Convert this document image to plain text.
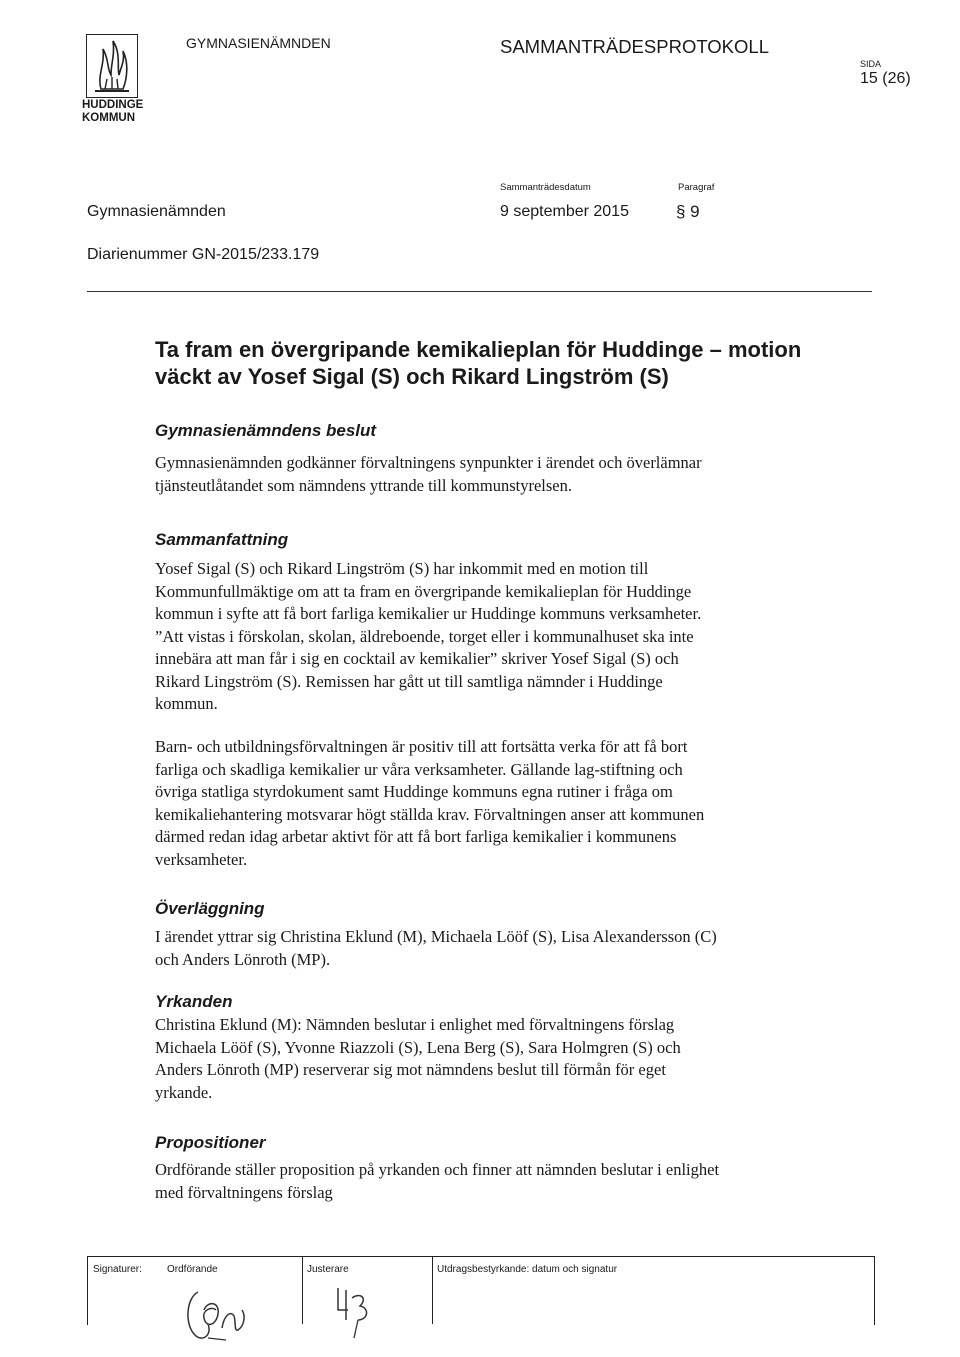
HUDDINGE
KOMMUN
GYMNASIENÄMNDEN	SAMMANTRÄDESPROTOKOLL
SIDA
15 (26)
Sammanträdesdatum	Paragraf
Gymnasienämnden	9 september 2015	§ 9
Diarienummer GN-2015/233.179
Ta fram en övergripande kemikalieplan för Huddinge – motion
väckt av Yosef Sigal (S) och Rikard Lingström (S)
Gymnasienämndens beslut
Gymnasienämnden godkänner förvaltningens synpunkter i ärendet och överlämnar
tjänsteutlåtandet som nämndens yttrande till kommunstyrelsen.
Sammanfattning
Yosef Sigal (S) och Rikard Lingström (S) har inkommit med en motion till
Kommunfullmäktige om att ta fram en övergripande kemikalieplan för Huddinge
kommun i syfte att få bort farliga kemikalier ur Huddinge kommuns verksamheter.
”Att vistas i förskolan, skolan, äldreboende, torget eller i kommunalhuset ska inte
innebära att man får i sig en cocktail av kemikalier” skriver Yosef Sigal (S) och
Rikard Lingström (S). Remissen har gått ut till samtliga nämnder i Huddinge
kommun.
Barn- och utbildningsförvaltningen är positiv till att fortsätta verka för att få bort
farliga och skadliga kemikalier ur våra verksamheter. Gällande lag-stiftning och
övriga statliga styrdokument samt Huddinge kommuns egna rutiner i fråga om
kemikaliehantering motsvarar högt ställda krav. Förvaltningen anser att kommunen
därmed redan idag arbetar aktivt för att få bort farliga kemikalier i kommunens
verksamheter.
Överläggning
I ärendet yttrar sig Christina Eklund (M), Michaela Lööf (S), Lisa Alexandersson (C)
och Anders Lönroth (MP).
Yrkanden
Christina Eklund (M): Nämnden beslutar i enlighet med förvaltningens förslag
Michaela Lööf (S), Yvonne Riazzoli (S), Lena Berg (S), Sara Holmgren (S) och
Anders Lönroth (MP) reserverar sig mot nämndens beslut till förmån för eget
yrkande.
Propositioner
Ordförande ställer proposition på yrkanden och finner att nämnden beslutar i enlighet
med förvaltningens förslag
Signaturer:	Ordförande	Justerare	Utdragsbestyrkande: datum och signatur
